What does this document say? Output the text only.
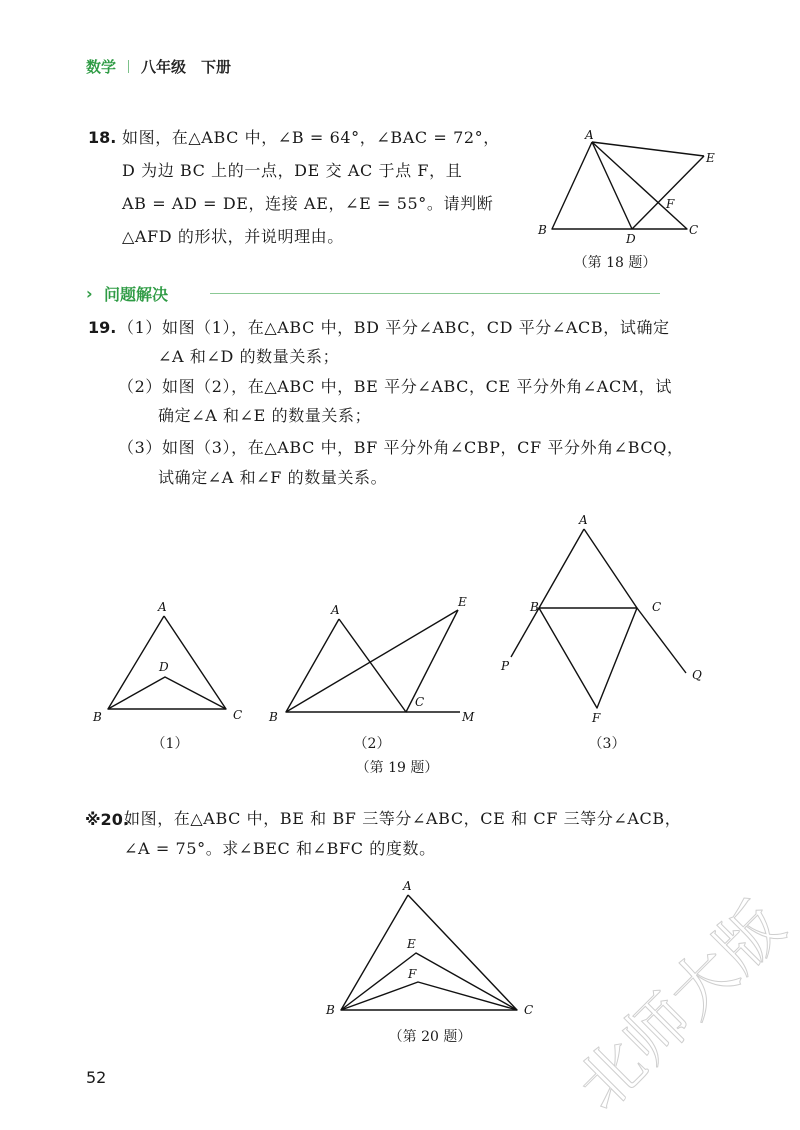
数学 八年级　下册
18. 如图，在△ABC 中，∠B = 64°，∠BAC = 72°，
D 为边 BC 上的一点，DE 交 AC 于点 F，且
AB = AD = DE，连接 AE，∠E = 55°。请判断
△AFD 的形状，并说明理由。
A
B	C
D
E
F
（第 18 题）
› 问题解决
19. （1）如图（1），在△ABC 中，BD 平分∠ABC，CD 平分∠ACB，试确定
∠A 和∠D 的数量关系；
（2）如图（2），在△ABC 中，BE 平分∠ABC，CE 平分外角∠ACM，试
确定∠A 和∠E 的数量关系；
（3）如图（3），在△ABC 中，BF 平分外角∠CBP，CF 平分外角∠BCQ，
试确定∠A 和∠F 的数量关系。
A
B	C
D
（1）
A
B
C
E
M
（2）
A
B	C
F
P
Q
（3）
（第 19 题）
※20.
如图，在△ABC 中，BE 和 BF 三等分∠ABC，CE 和 CF 三等分∠ACB，
∠A = 75°。求∠BEC 和∠BFC 的度数。
A
B	C
E
F
（第 20 题）
52	北
师
大
版
